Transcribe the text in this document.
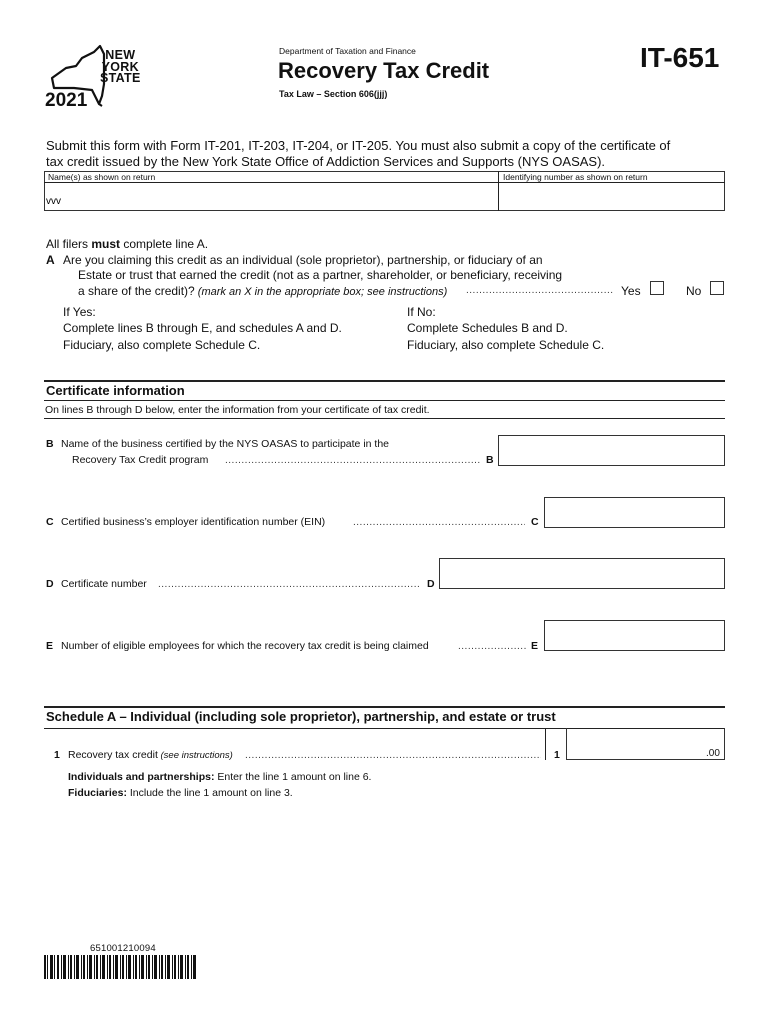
NEW
YORK
STATE
2021
Department of Taxation and Finance
Recovery Tax Credit
Tax Law – Section 606(jjj)
IT-651
Submit this form with Form IT-201, IT-203, IT-204, or IT-205. You must also submit a copy of the certificate of
tax credit issued by the New York State Office of Addiction Services and Supports (NYS OASAS).
Name(s) as shown on return	Identifying number as shown on return
vvv
All filers must complete line A.
A Are you claiming this credit as an individual (sole proprietor), partnership, or fiduciary of an
Estate or trust that earned the credit (not as a partner, shareholder, or beneficiary, receiving
a share of the credit)? (mark an X in the appropriate box; see instructions) .....	Yes	No
If Yes:
Complete lines B through E, and schedules A and D.
Fiduciary, also complete Schedule C.
If No:
Complete Schedules B and D.
Fiduciary, also complete Schedule C.
Certificate information
On lines B through D below, enter the information from your certificate of tax credit.
B Name of the business certified by the NYS OASAS to participate in the
Recovery Tax Credit program .....	B
C Certified business’s employer identification number (EIN) .....	C
D Certificate number .....	D
E Number of eligible employees for which the recovery tax credit is being claimed .....	E
Schedule A – Individual (including sole proprietor), partnership, and estate or trust
1 Recovery tax credit (see instructions) .....	1	.00
Individuals and partnerships: Enter the line 1 amount on line 6.
Fiduciaries: Include the line 1 amount on line 3.
651001210094
